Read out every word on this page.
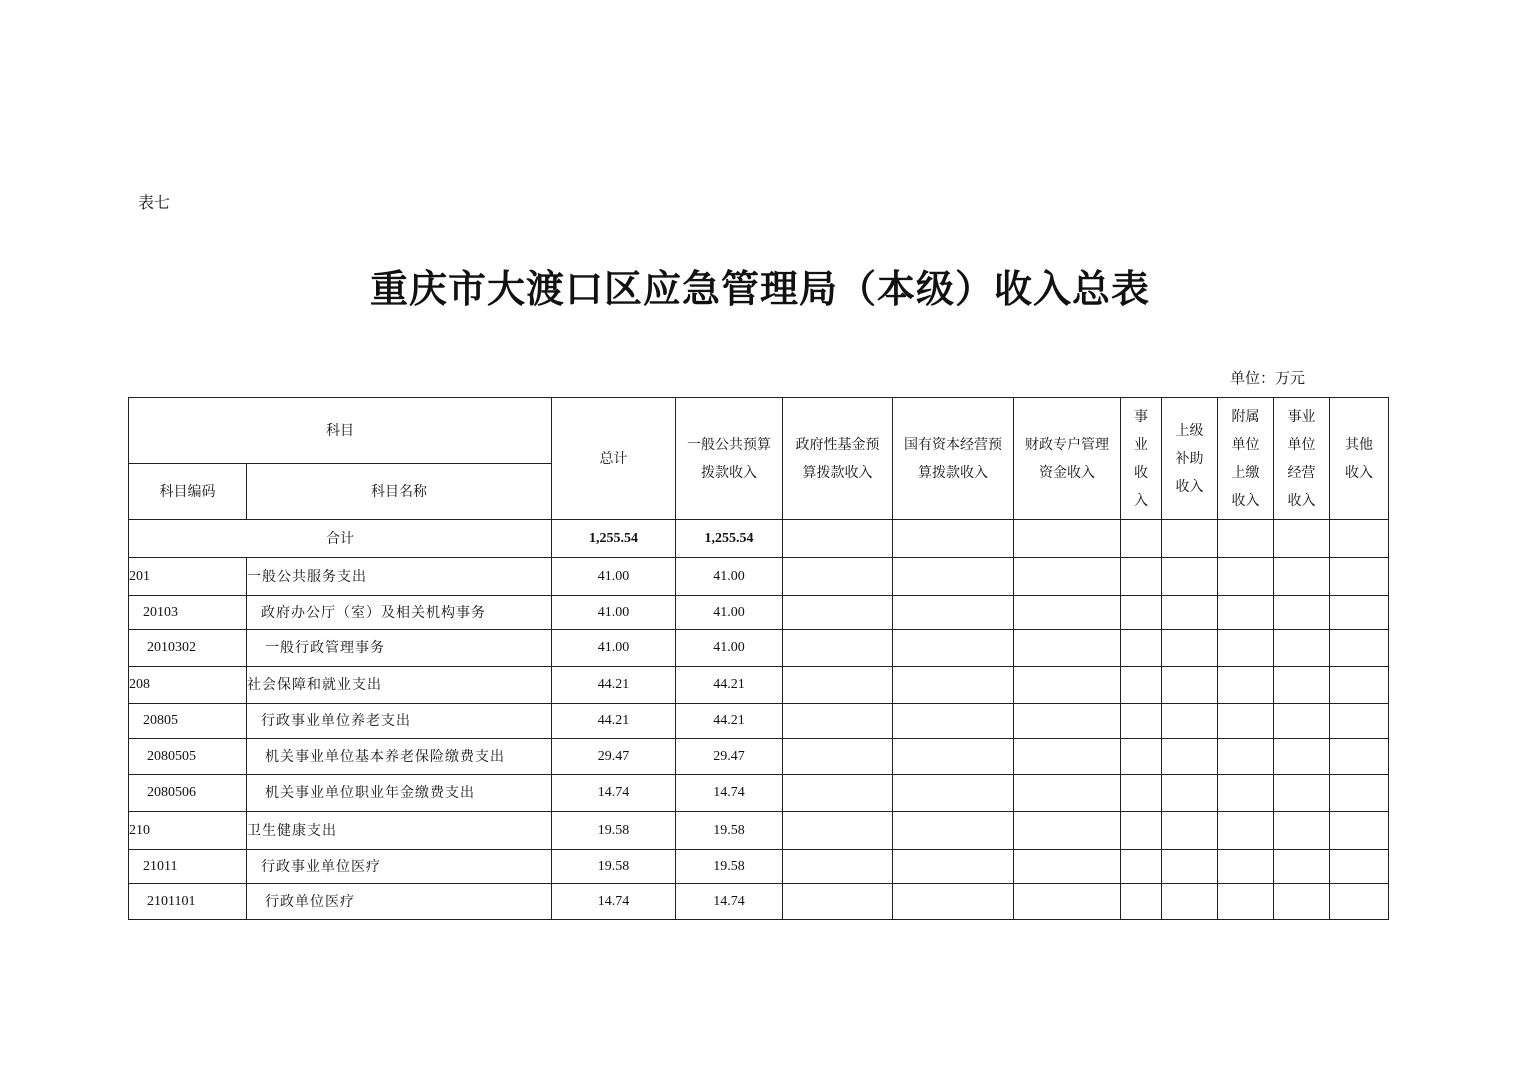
表七
重庆市大渡口区应急管理局（本级）收入总表
单位：万元
科目		总计	一般公共预算拨款收入	政府性基金预算拨款收入	国有资本经营预算拨款收入	财政专户管理资金收入	事业收入	上级补助收入	附属单位上缴收入	事业单位经营收入	其他收入
科目编码	科目名称										
合计		1,255.54	1,255.54								
201	一般公共服务支出	41.00	41.00								
20103	政府办公厅（室）及相关机构事务	41.00	41.00								
2010302	一般行政管理事务	41.00	41.00								
208	社会保障和就业支出	44.21	44.21								
20805	行政事业单位养老支出	44.21	44.21								
2080505	机关事业单位基本养老保险缴费支出	29.47	29.47								
2080506	机关事业单位职业年金缴费支出	14.74	14.74								
210	卫生健康支出	19.58	19.58								
21011	行政事业单位医疗	19.58	19.58								
2101101	行政单位医疗	14.74	14.74								
